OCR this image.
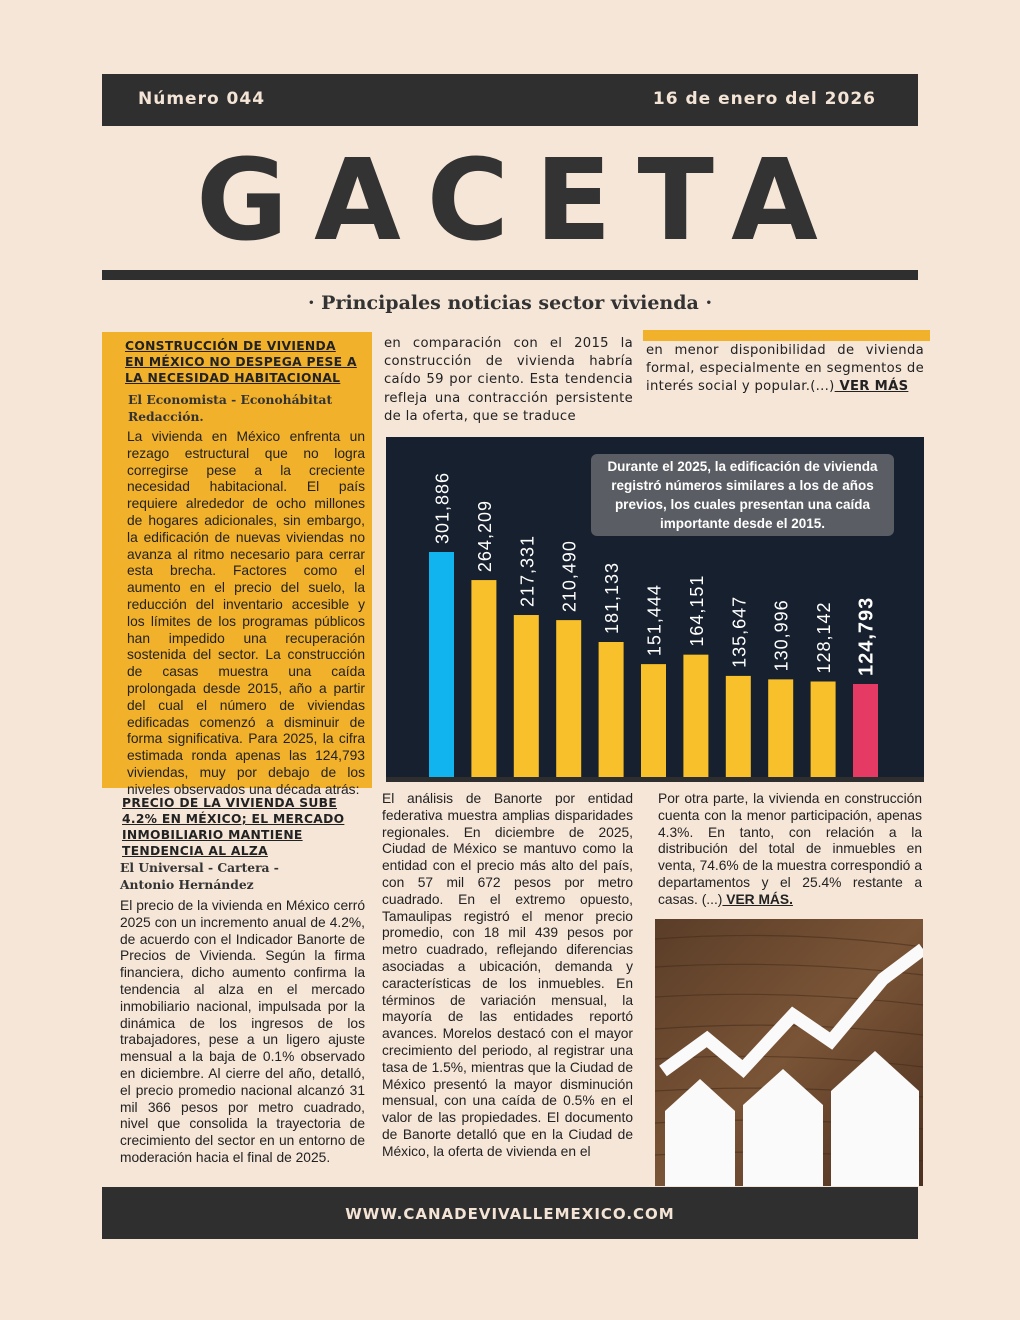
Número 044	16 de enero del 2026
GACETA
· Principales noticias sector vivienda ·
CONSTRUCCIÓN DE VIVIENDA EN MÉXICO NO DESPEGA PESE A LA NECESIDAD HABITACIONAL
El Economista - Econohábitat
Redacción.
La vivienda en México enfrenta un rezago estructural que no logra corregirse pese a la creciente necesidad habitacional. El país requiere alrededor de ocho millones de hogares adicionales, sin embargo, la edificación de nuevas viviendas no avanza al ritmo necesario para cerrar esta brecha. Factores como el aumento en el precio del suelo, la reducción del inventario accesible y los límites de los programas públicos han impedido una recuperación sostenida del sector. La construcción de casas muestra una caída prolongada desde 2015, año a partir del cual el número de viviendas edificadas comenzó a disminuir de forma significativa. Para 2025, la cifra estimada ronda apenas las 124,793 viviendas, muy por debajo de los niveles observados una década atrás:
en comparación con el 2015 la construcción de vivienda habría caído 59 por ciento. Esta tendencia refleja una contracción persistente de la oferta, que se traduce
en menor disponibilidad de vivienda formal, especialmente en segmentos de interés social y popular.(...) VER MÁS
301,886 264,209 217,331 210,490 181,133 151,444 164,151 135,647 130,996 128,142 124,793
Durante el 2025, la edificación de vivienda registró números similares a los de años previos, los cuales presentan una caída importante desde el 2015.
PRECIO DE LA VIVIENDA SUBE 4.2% EN MÉXICO; EL MERCADO INMOBILIARIO MANTIENE TENDENCIA AL ALZA
El Universal - Cartera -
Antonio Hernández
El precio de la vivienda en México cerró 2025 con un incremento anual de 4.2%, de acuerdo con el Indicador Banorte de Precios de Vivienda. Según la firma financiera, dicho aumento confirma la tendencia al alza en el mercado inmobiliario nacional, impulsada por la dinámica de los ingresos de los trabajadores, pese a un ligero ajuste mensual a la baja de 0.1% observado en diciembre. Al cierre del año, detalló, el precio promedio nacional alcanzó 31 mil 366 pesos por metro cuadrado, nivel que consolida la trayectoria de crecimiento del sector en un entorno de moderación hacia el final de 2025.
El análisis de Banorte por entidad federativa muestra amplias disparidades regionales. En diciembre de 2025, Ciudad de México se mantuvo como la entidad con el precio más alto del país, con 57 mil 672 pesos por metro cuadrado. En el extremo opuesto, Tamaulipas registró el menor precio promedio, con 18 mil 439 pesos por metro cuadrado, reflejando diferencias asociadas a ubicación, demanda y características de los inmuebles. En términos de variación mensual, la mayoría de las entidades reportó avances. Morelos destacó con el mayor crecimiento del periodo, al registrar una tasa de 1.5%, mientras que la Ciudad de México presentó la mayor disminución mensual, con una caída de 0.5% en el valor de las propiedades. El documento de Banorte detalló que en la Ciudad de México, la oferta de vivienda en el
Por otra parte, la vivienda en construcción cuenta con la menor participación, apenas 4.3%. En tanto, con relación a la distribución del total de inmuebles en venta, 74.6% de la muestra correspondió a departamentos y el 25.4% restante a casas. (...) VER MÁS.
WWW.CANADEVIVALLEMEXICO.COM
